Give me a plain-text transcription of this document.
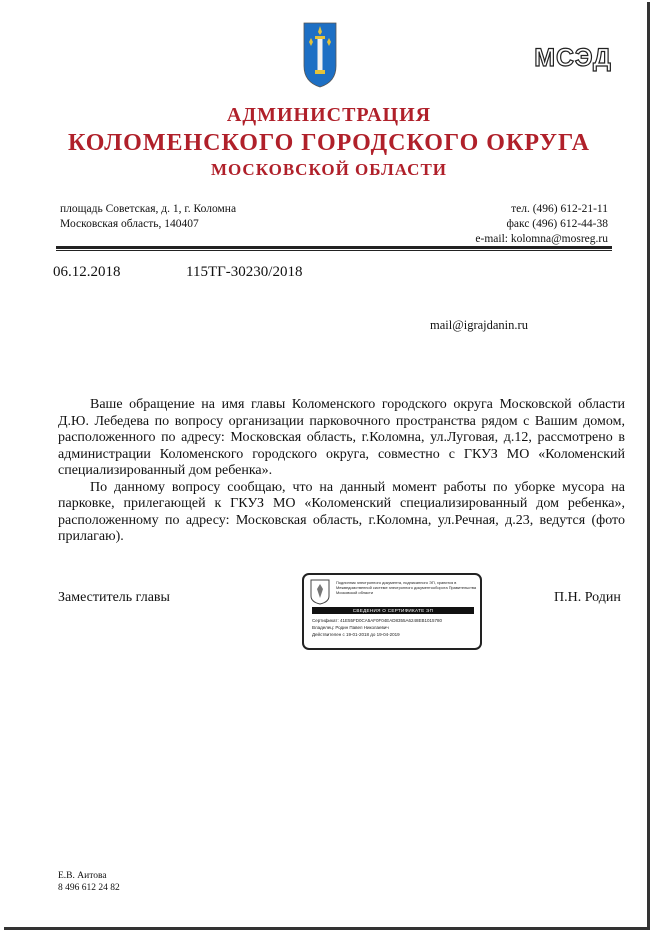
МСЭД
АДМИНИСТРАЦИЯ
КОЛОМЕНСКОГО ГОРОДСКОГО ОКРУГА
МОСКОВСКОЙ ОБЛАСТИ
площадь Советская, д. 1, г. Коломна
Московская область, 140407
тел. (496) 612-21-11
факс (496) 612-44-38
e-mail: kolomna@mosreg.ru
06.12.2018	115ТГ-30230/2018
mail@igrajdanin.ru

Ваше обращение на имя главы Коломенского городского округа Московской области Д.Ю. Лебедева по вопросу организации парковочного пространства рядом с Вашим домом, расположенного по адресу: Московская область, г.Коломна, ул.Луговая, д.12, рассмотрено в администрации Коломенского городского округа, совместно с ГКУЗ МО «Коломенский специализированный дом ребенка».

По данному вопросу сообщаю, что на данный момент работы по уборке мусора на парковке, прилегающей к ГКУЗ МО «Коломенский специализированный дом ребенка», расположенному по адресу: Московская область, г.Коломна, ул.Речная, д.23, ведутся (фото прилагаю).

Заместитель главы	П.Н. Родин
Подлинник электронного документа, подписанного ЭП, хранится в Межведомственной системе электронного документооборота Правительства Московской области
СВЕДЕНИЯ О СЕРТИФИКАТЕ ЭП
Сертификат: 41E55FD0CA5AF0F04EAD8355A6248EB1015780
Владелец: Родин Павел Николаевич
Действителен с 19-01-2018 до 19-04-2019
Е.В. Аитова
8 496 612 24 82
